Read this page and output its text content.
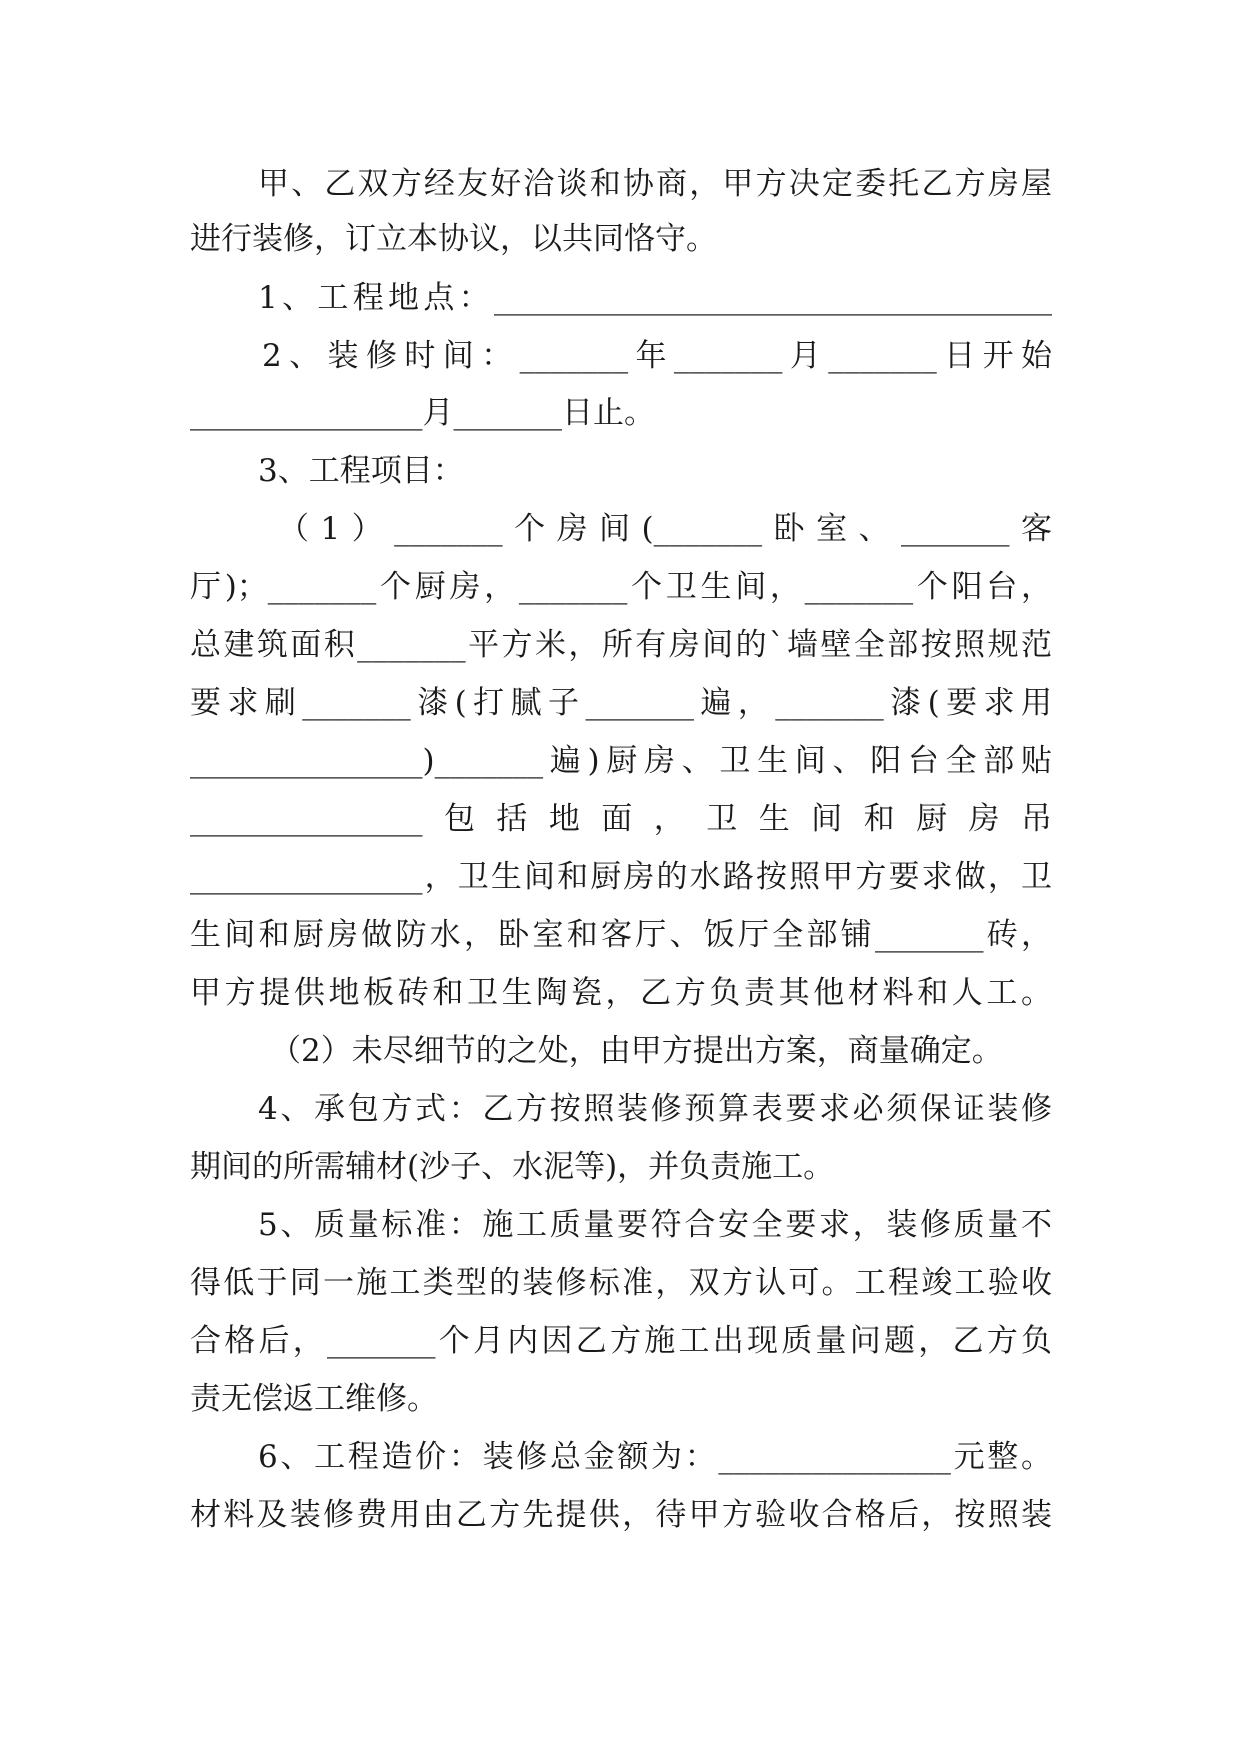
甲、乙双方经友好洽谈和协商，甲方决定委托乙方房屋
进行装修，订立本协议，以共同恪守。
1、工程地点：____________________________________
2、装修时间：_______年_______月_______日开始
_______________月_______日止。
3、工程项目：
（1）_______个房间(_______卧室、_______客
厅)；_______个厨房，_______个卫生间，_______个阳台，
总建筑面积_______平方米，所有房间的`墙壁全部按照规范
要求刷_______漆(打腻子_______遍，_______漆(要求用
_______________)_______遍)厨房、卫生间、阳台全部贴
_______________包括地面，卫生间和厨房吊
_______________，卫生间和厨房的水路按照甲方要求做，卫
生间和厨房做防水，卧室和客厅、饭厅全部铺_______砖，
甲方提供地板砖和卫生陶瓷，乙方负责其他材料和人工。
（2）未尽细节的之处，由甲方提出方案，商量确定。
4、承包方式：乙方按照装修预算表要求必须保证装修
期间的所需辅材(沙子、水泥等)，并负责施工。
5、质量标准：施工质量要符合安全要求，装修质量不
得低于同一施工类型的装修标准，双方认可。工程竣工验收
合格后，_______个月内因乙方施工出现质量问题，乙方负
责无偿返工维修。
6、工程造价：装修总金额为：_______________元整。
材料及装修费用由乙方先提供，待甲方验收合格后，按照装
